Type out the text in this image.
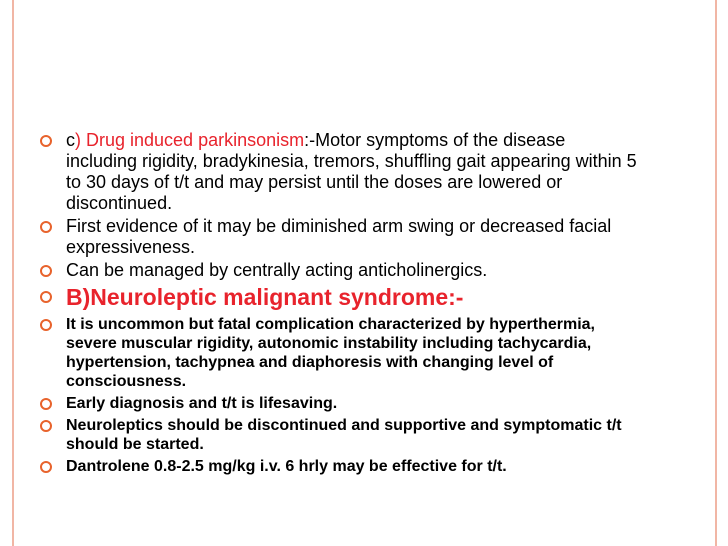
c) Drug induced parkinsonism:-Motor symptoms of the disease including rigidity, bradykinesia, tremors, shuffling gait appearing within 5 to 30 days of t/t and may persist until the doses are lowered or discontinued.
First evidence of it may be diminished arm swing or decreased facial expressiveness.
Can be managed by centrally acting anticholinergics.
B)Neuroleptic malignant syndrome:-
It is uncommon but fatal complication characterized by hyperthermia, severe muscular rigidity, autonomic instability including tachycardia, hypertension, tachypnea and diaphoresis with changing level of consciousness.
Early diagnosis and t/t is lifesaving.
Neuroleptics should be discontinued and supportive and symptomatic t/t should be started.
Dantrolene 0.8-2.5 mg/kg i.v. 6 hrly may be effective for t/t.
